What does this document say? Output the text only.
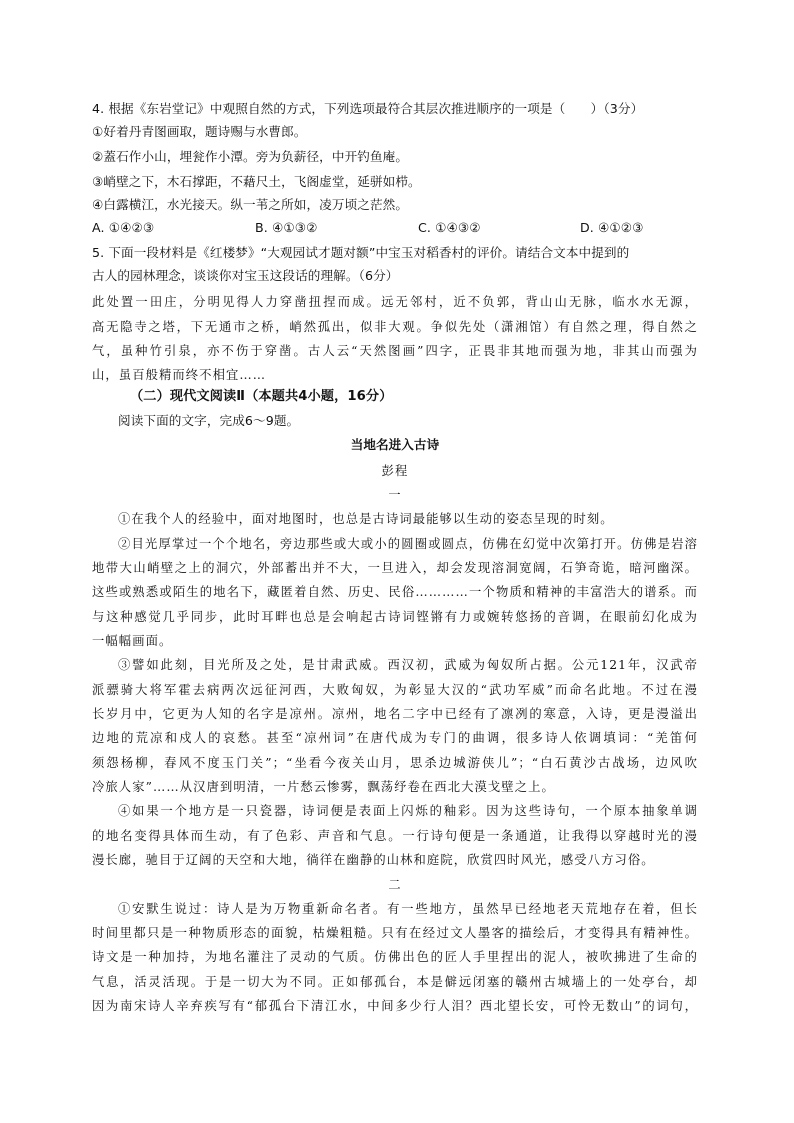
4. 根据《东岩堂记》中观照自然的方式，下列选项最符合其层次推进顺序的一项是（　　）（3分）
①好着丹青图画取，题诗赐与水曹郎。
②蓋石作小山，埋瓮作小潭。旁为负薪径，中开钓鱼庵。
③峭壁之下，木石撑距，不藉尺土，飞阁虚堂，延骈如栉。
④白露横江，水光接天。纵一苇之所如，凌万顷之茫然。
A. ①④②③	B. ④①③②	C. ①④③②	D. ④①②③
5. 下面一段材料是《红楼梦》“大观园试才题对额”中宝玉对稻香村的评价。请结合文本中提到的
古人的园林理念，谈谈你对宝玉这段话的理解。（6分）
此处置一田庄，分明见得人力穿凿扭捏而成。远无邻村，近不负郭，背山山无脉，临水水无源，
高无隐寺之塔，下无通市之桥，峭然孤出，似非大观。争似先处（潇湘馆）有自然之理，得自然之
气，虽种竹引泉，亦不伤于穿凿。古人云“天然图画”四字，正畏非其地而强为地，非其山而强为
山，虽百般精而终不相宜……
（二）现代文阅读Ⅱ（本题共4小题，16分）
阅读下面的文字，完成6～9题。
当地名进入古诗
彭程
一
①在我个人的经验中，面对地图时，也总是古诗词最能够以生动的姿态呈现的时刻。
②目光厚掌过一个个地名，旁边那些或大或小的圆圈或圆点，仿佛在幻觉中次第打开。仿佛是岩溶
地带大山峭壁之上的洞穴，外部蓄出并不大，一旦进入，却会发现溶洞宽阔，石笋奇诡，暗河幽深。
这些或熟悉或陌生的地名下，藏匿着自然、历史、民俗…………一个物质和精神的丰富浩大的谱系。而
与这种感觉几乎同步，此时耳畔也总是会响起古诗词铿锵有力或婉转悠扬的音调，在眼前幻化成为
一幅幅画面。
③譬如此刻，目光所及之处，是甘肃武威。西汉初，武威为匈奴所占据。公元121年，汉武帝
派骠骑大将军霍去病两次远征河西，大败匈奴，为彰显大汉的“武功军威”而命名此地。不过在漫
长岁月中，它更为人知的名字是凉州。凉州，地名二字中已经有了凛冽的寒意，入诗，更是漫溢出
边地的荒凉和戍人的哀愁。甚至“凉州词”在唐代成为专门的曲调，很多诗人依调填词：“羌笛何
须怨杨柳，春风不度玉门关”；“坐看今夜关山月，思杀边城游侠儿”；“白石黄沙古战场，边风吹
冷旅人家”……从汉唐到明清，一片愁云惨雾，飘荡纾卷在西北大漠戈壁之上。
④如果一个地方是一只瓷器，诗词便是表面上闪烁的釉彩。因为这些诗句，一个原本抽象单调
的地名变得具体而生动，有了色彩、声音和气息。一行诗句便是一条通道，让我得以穿越时光的漫
漫长廊，驰目于辽阔的天空和大地，徜徉在幽静的山林和庭院，欣赏四时风光，感受八方习俗。
二
①安默生说过：诗人是为万物重新命名者。有一些地方，虽然早已经地老天荒地存在着，但长
时间里都只是一种物质形态的面貌，枯燥粗糙。只有在经过文人墨客的描绘后，才变得具有精神性。
诗文是一种加持，为地名灌注了灵动的气质。仿佛出色的匠人手里捏出的泥人，被吹拂进了生命的
气息，活灵活现。于是一切大为不同。正如郁孤台，本是僻远闭塞的赣州古城墙上的一处亭台，却
因为南宋诗人辛弃疾写有“郁孤台下清江水，中间多少行人泪？西北望长安，可怜无数山”的词句，
